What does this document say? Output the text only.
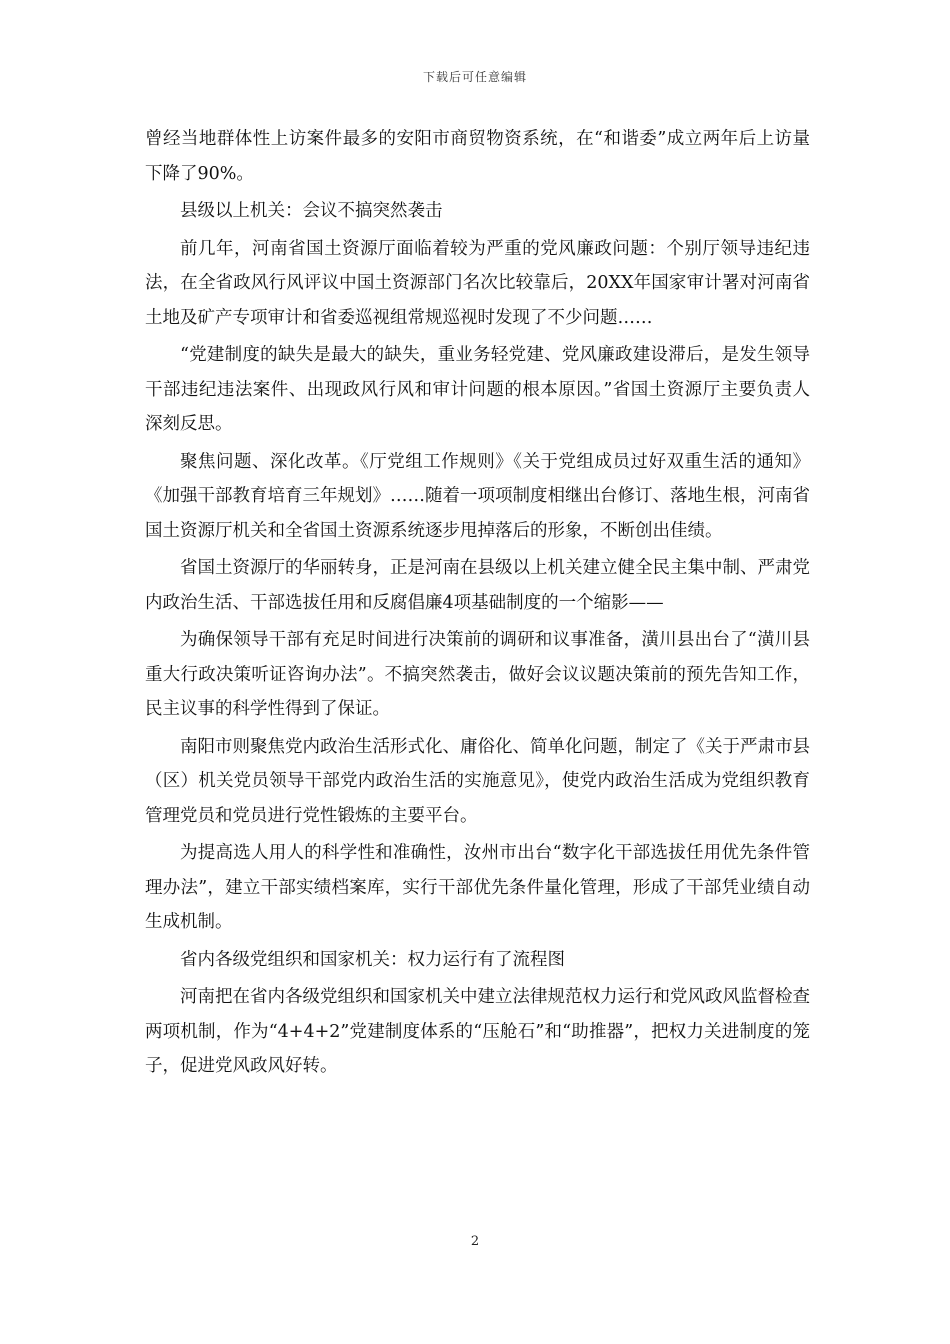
下载后可任意编辑

曾经当地群体性上访案件最多的安阳市商贸物资系统，在“和谐委”成立两年后上访量下降了90%。

县级以上机关：会议不搞突然袭击

前几年，河南省国土资源厅面临着较为严重的党风廉政问题：个别厅领导违纪违法，在全省政风行风评议中国土资源部门名次比较靠后，20XX年国家审计署对河南省土地及矿产专项审计和省委巡视组常规巡视时发现了不少问题……

“党建制度的缺失是最大的缺失，重业务轻党建、党风廉政建设滞后，是发生领导干部违纪违法案件、出现政风行风和审计问题的根本原因。”省国土资源厅主要负责人深刻反思。

聚焦问题、深化改革。《厅党组工作规则》《关于党组成员过好双重生活的通知》《加强干部教育培育三年规划》……随着一项项制度相继出台修订、落地生根，河南省国土资源厅机关和全省国土资源系统逐步甩掉落后的形象，不断创出佳绩。

省国土资源厅的华丽转身，正是河南在县级以上机关建立健全民主集中制、严肃党内政治生活、干部选拔任用和反腐倡廉4项基础制度的一个缩影——

为确保领导干部有充足时间进行决策前的调研和议事准备，潢川县出台了“潢川县重大行政决策听证咨询办法”。不搞突然袭击，做好会议议题决策前的预先告知工作，民主议事的科学性得到了保证。

南阳市则聚焦党内政治生活形式化、庸俗化、简单化问题，制定了《关于严肃市县（区）机关党员领导干部党内政治生活的实施意见》，使党内政治生活成为党组织教育管理党员和党员进行党性锻炼的主要平台。

为提高选人用人的科学性和准确性，汝州市出台“数字化干部选拔任用优先条件管理办法”，建立干部实绩档案库，实行干部优先条件量化管理，形成了干部凭业绩自动生成机制。

省内各级党组织和国家机关：权力运行有了流程图

河南把在省内各级党组织和国家机关中建立法律规范权力运行和党风政风监督检查两项机制，作为“4+4+2”党建制度体系的“压舱石”和“助推器”，把权力关进制度的笼子，促进党风政风好转。

2
